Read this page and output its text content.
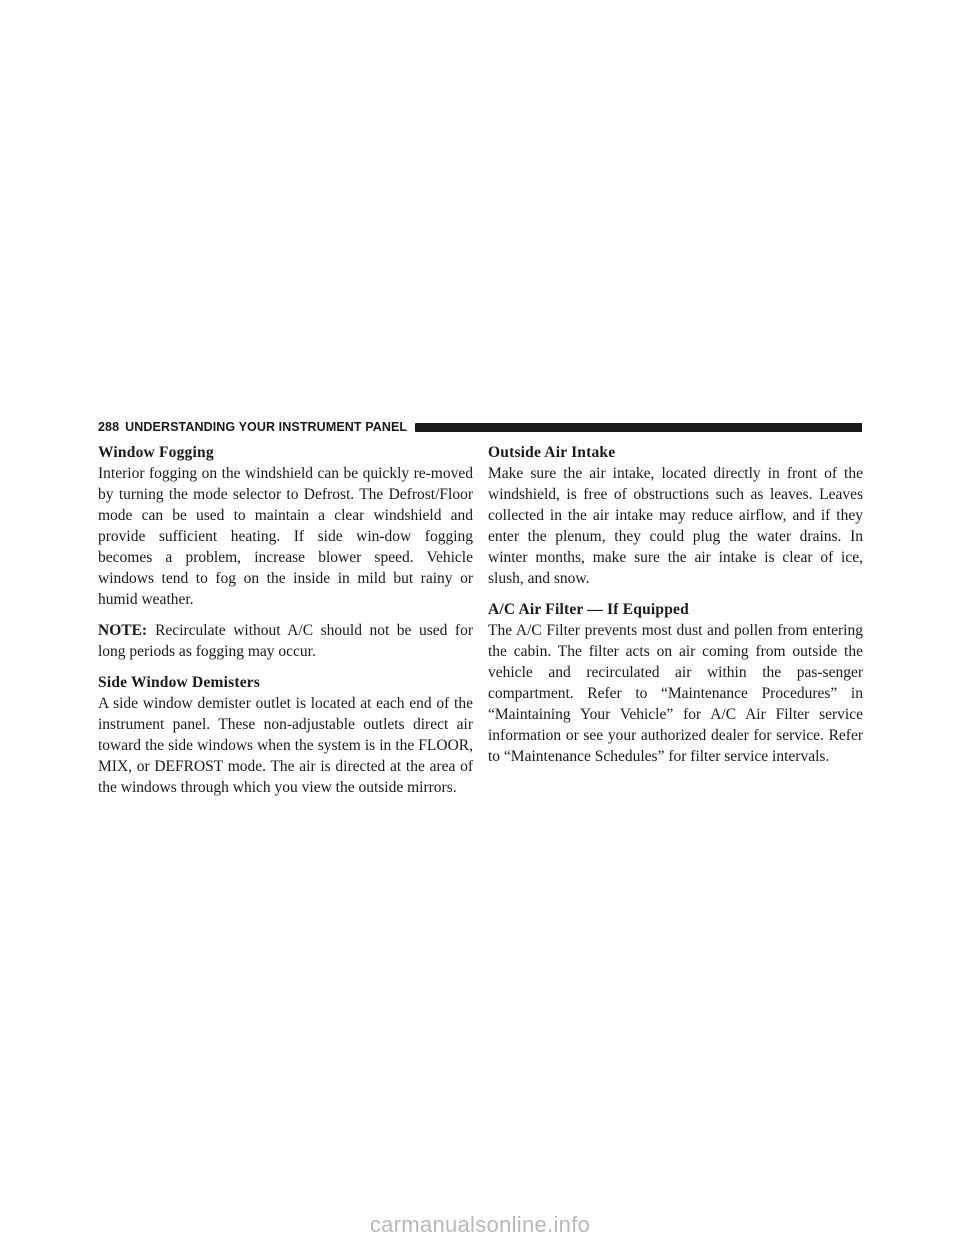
288 UNDERSTANDING YOUR INSTRUMENT PANEL
Window Fogging

Interior fogging on the windshield can be quickly re-moved by turning the mode selector to Defrost. The Defrost/Floor mode can be used to maintain a clear windshield and provide sufficient heating. If side win-dow fogging becomes a problem, increase blower speed. Vehicle windows tend to fog on the inside in mild but rainy or humid weather.

NOTE: Recirculate without A/C should not be used for long periods as fogging may occur.

Side Window Demisters

A side window demister outlet is located at each end of the instrument panel. These non-adjustable outlets direct air toward the side windows when the system is in the FLOOR, MIX, or DEFROST mode. The air is directed at the area of the windows through which you view the outside mirrors.

Outside Air Intake

Make sure the air intake, located directly in front of the windshield, is free of obstructions such as leaves. Leaves collected in the air intake may reduce airflow, and if they enter the plenum, they could plug the water drains. In winter months, make sure the air intake is clear of ice, slush, and snow.

A/C Air Filter — If Equipped

The A/C Filter prevents most dust and pollen from entering the cabin. The filter acts on air coming from outside the vehicle and recirculated air within the pas-senger compartment. Refer to “Maintenance Procedures” in “Maintaining Your Vehicle” for A/C Air Filter service information or see your authorized dealer for service. Refer to “Maintenance Schedules” for filter service intervals.

carmanualsonline.info
